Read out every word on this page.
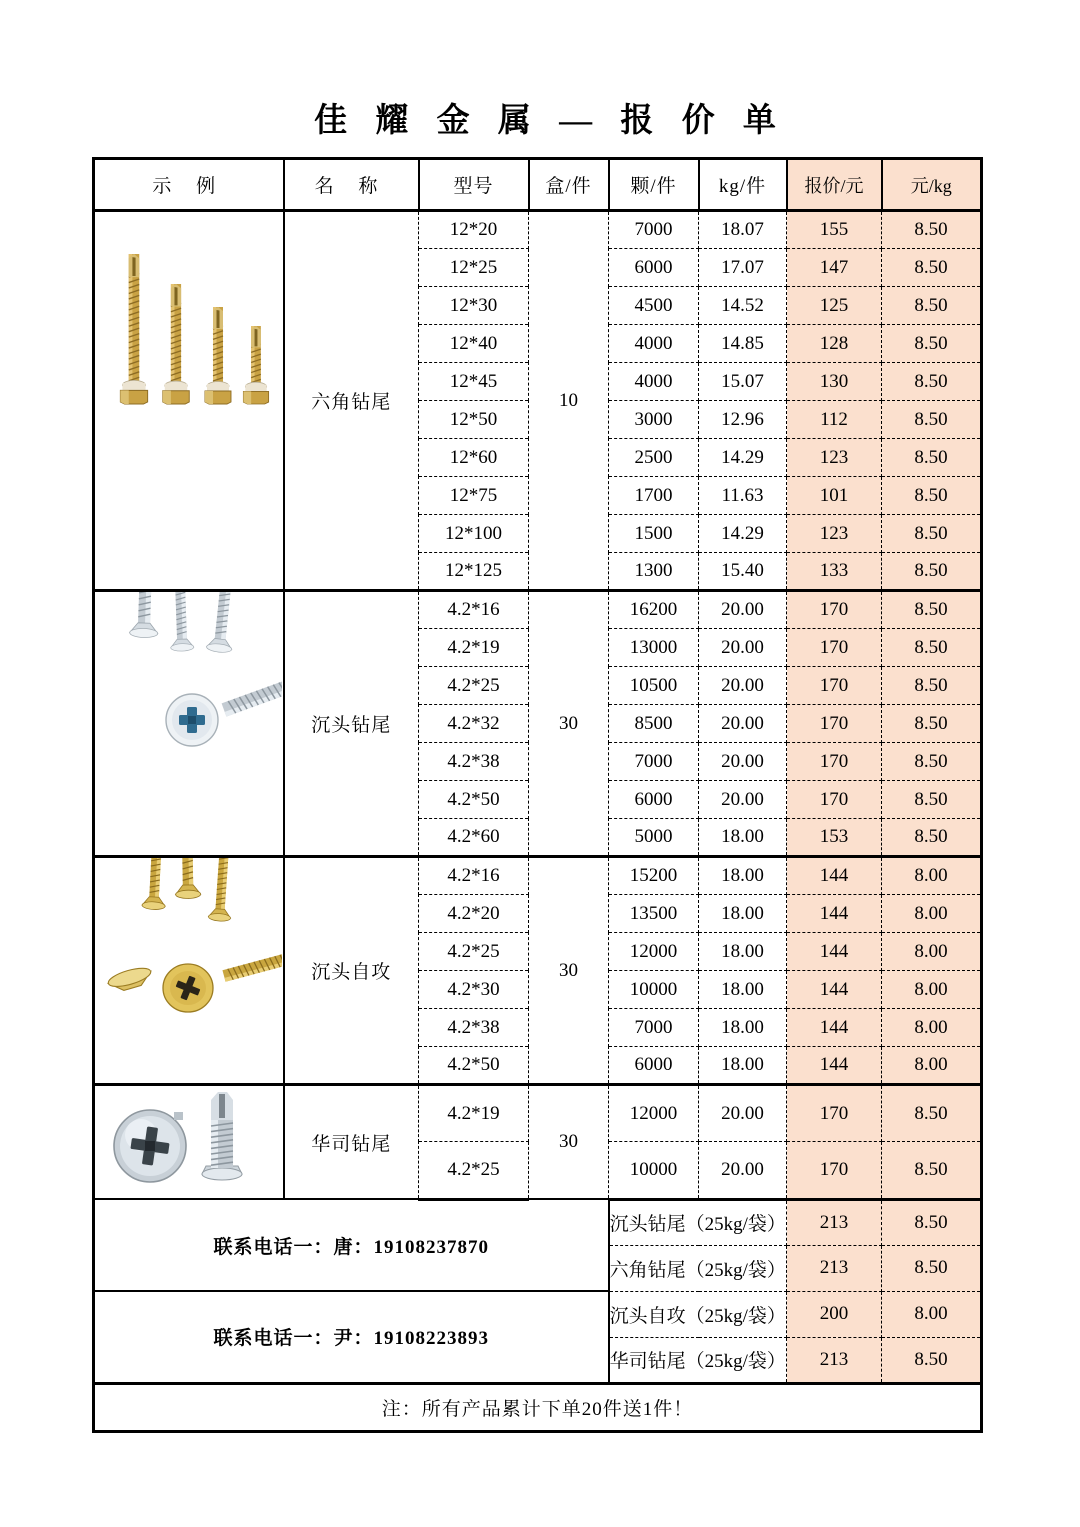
佳 耀 金 属 — 报 价 单
示 例	名 称	型号	盒/件	颗/件	kg/件	报价/元	元/kg

	六角钻尾	12*20	10	7000	18.07	155	8.50
		12*25		6000	17.07	147	8.50
		12*30		4500	14.52	125	8.50
		12*40		4000	14.85	128	8.50
		12*45		4000	15.07	130	8.50
		12*50		3000	12.96	112	8.50
		12*60		2500	14.29	123	8.50
		12*75		1700	11.63	101	8.50
		12*100		1500	14.29	123	8.50
		12*125		1300	15.40	133	8.50

	沉头钻尾	4.2*16	30	16200	20.00	170	8.50
		4.2*19		13000	20.00	170	8.50
		4.2*25		10500	20.00	170	8.50
		4.2*32		8500	20.00	170	8.50
		4.2*38		7000	20.00	170	8.50
		4.2*50		6000	20.00	170	8.50
		4.2*60		5000	18.00	153	8.50

	沉头自攻	4.2*16	30	15200	18.00	144	8.00
		4.2*20		13500	18.00	144	8.00
		4.2*25		12000	18.00	144	8.00
		4.2*30		10000	18.00	144	8.00
		4.2*38		7000	18.00	144	8.00
		4.2*50		6000	18.00	144	8.00

	华司钻尾	4.2*19	30	12000	20.00	170	8.50
		4.2*25		10000	20.00	170	8.50
联系电话一：唐：19108237870				沉头钻尾（25kg/袋）		213	8.50
				六角钻尾（25kg/袋）		213	8.50
联系电话一：尹：19108223893				沉头自攻（25kg/袋）		200	8.00
				华司钻尾（25kg/袋）		213	8.50
注：所有产品累计下单20件送1件！							
